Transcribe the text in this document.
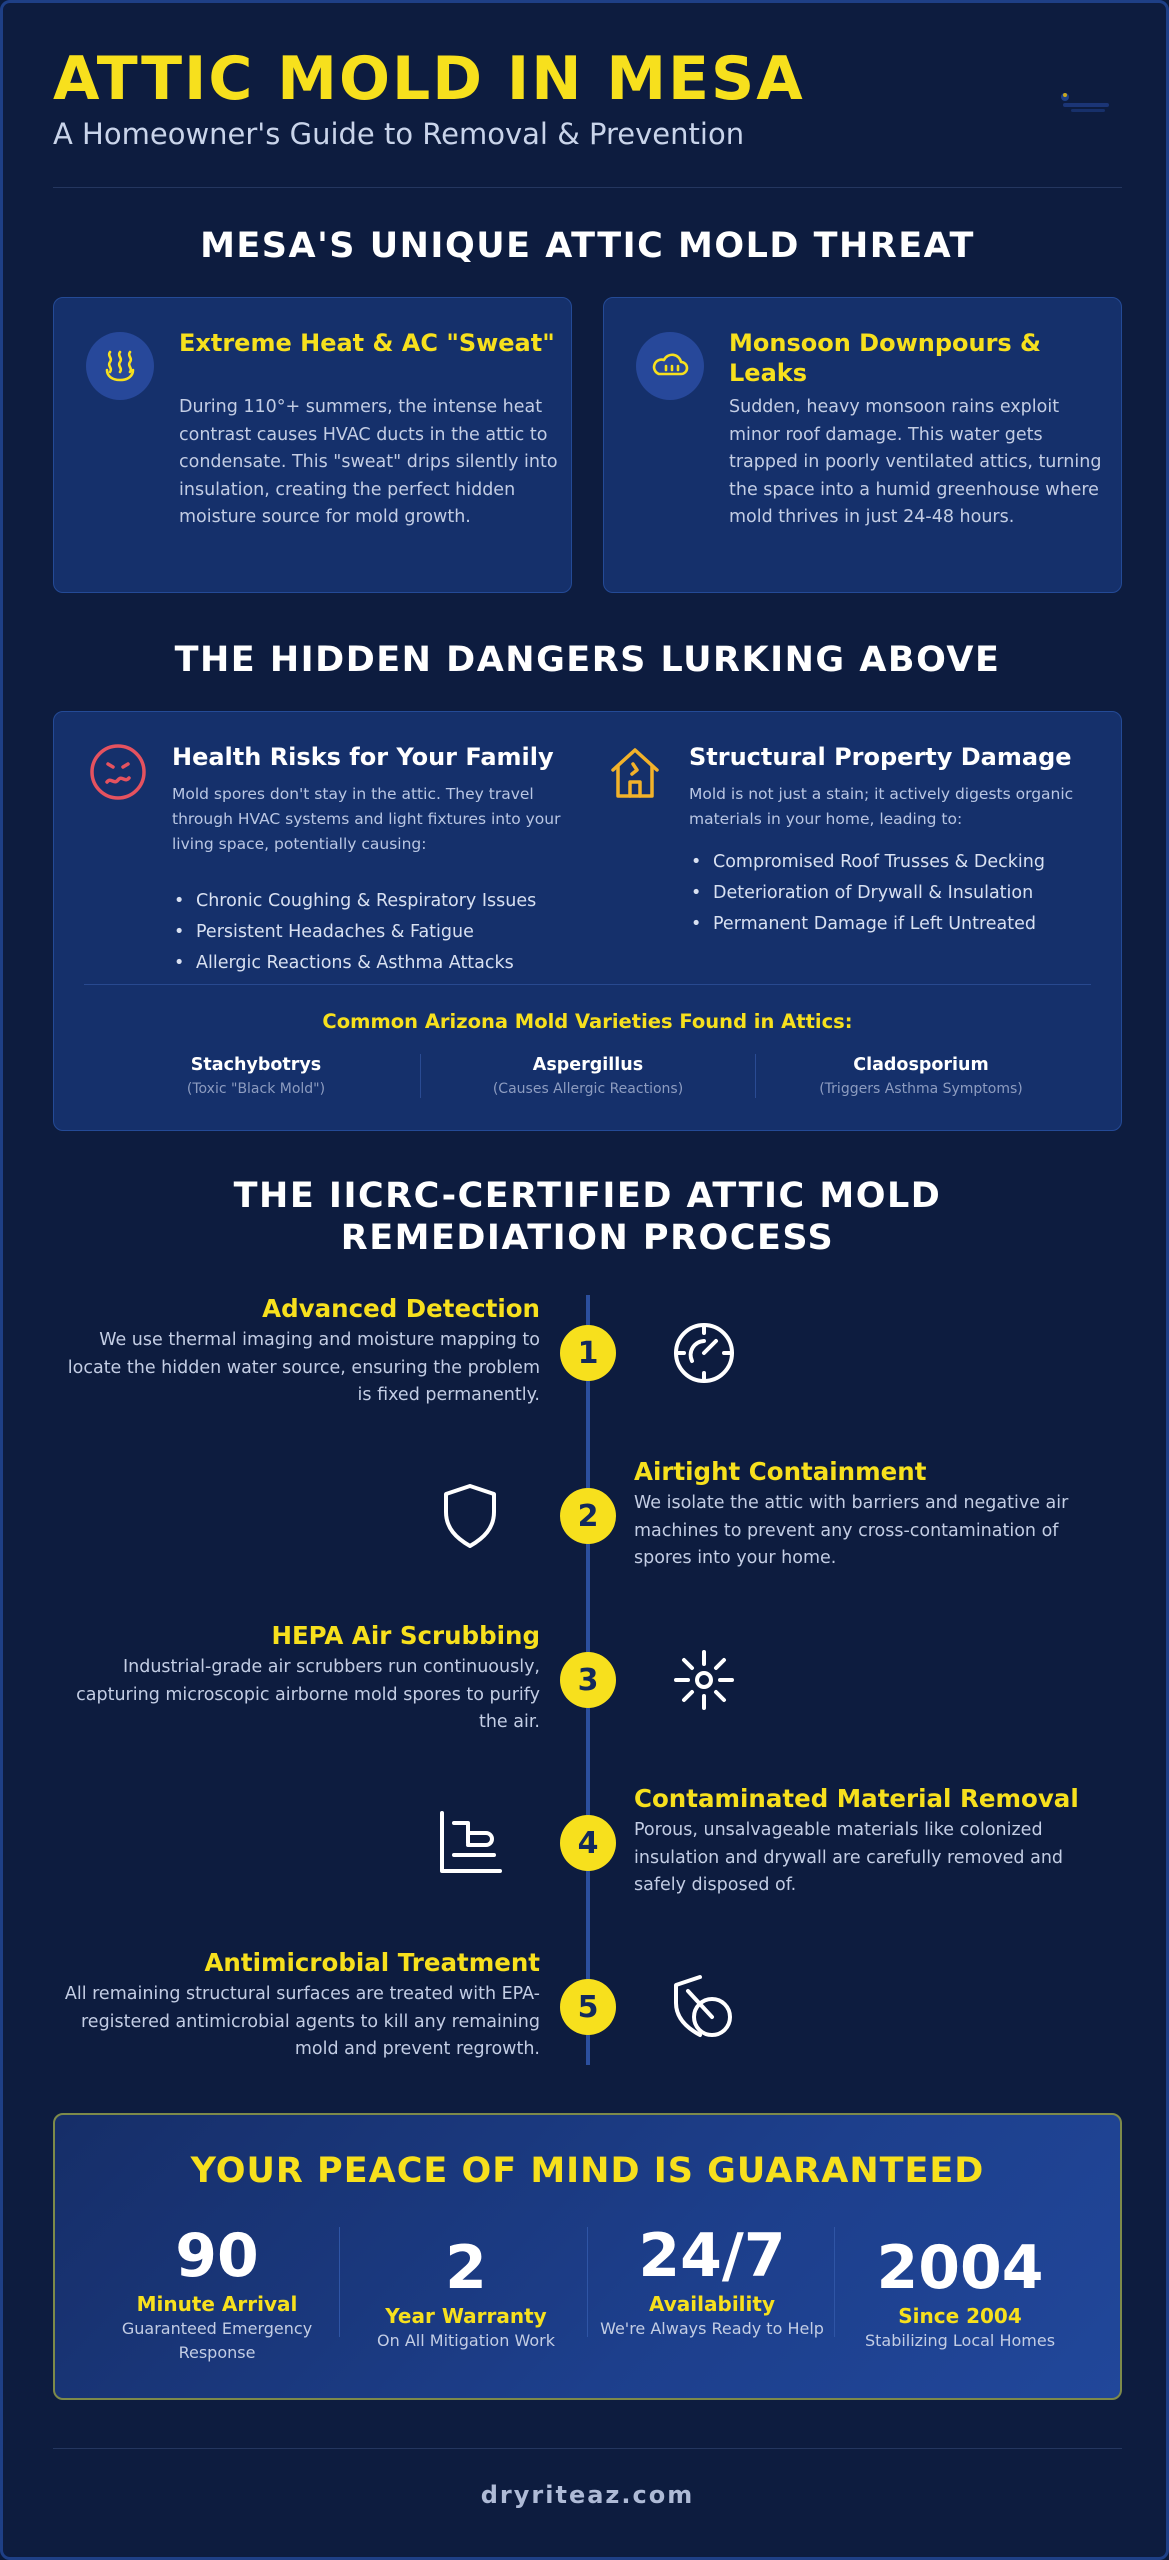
ATTIC MOLD IN MESA
A Homeowner's Guide to Removal & Prevention
MESA'S UNIQUE ATTIC MOLD THREAT
Extreme Heat & AC "Sweat"
During 110°+ summers, the intense heat contrast causes HVAC ducts in the attic to condensate. This "sweat" drips silently into insulation, creating the perfect hidden moisture source for mold growth.
Monsoon Downpours & Leaks
Sudden, heavy monsoon rains exploit minor roof damage. This water gets trapped in poorly ventilated attics, turning the space into a humid greenhouse where mold thrives in just 24-48 hours.
THE HIDDEN DANGERS LURKING ABOVE
Health Risks for Your Family
Mold spores don't stay in the attic. They travel through HVAC systems and light fixtures into your living space, potentially causing:
• Chronic Coughing & Respiratory Issues
• Persistent Headaches & Fatigue
• Allergic Reactions & Asthma Attacks
Structural Property Damage
Mold is not just a stain; it actively digests organic materials in your home, leading to:
• Compromised Roof Trusses & Decking
• Deterioration of Drywall & Insulation
• Permanent Damage if Left Untreated
Common Arizona Mold Varieties Found in Attics:
Stachybotrys
(Toxic "Black Mold")
Aspergillus
(Causes Allergic Reactions)
Cladosporium
(Triggers Asthma Symptoms)
THE IICRC-CERTIFIED ATTIC MOLD REMEDIATION PROCESS
Advanced Detection
We use thermal imaging and moisture mapping to locate the hidden water source, ensuring the problem is fixed permanently.
1
Airtight Containment
We isolate the attic with barriers and negative air machines to prevent any cross-contamination of spores into your home.
2
HEPA Air Scrubbing
Industrial-grade air scrubbers run continuously, capturing microscopic airborne mold spores to purify the air.
3
Contaminated Material Removal
Porous, unsalvageable materials like colonized insulation and drywall are carefully removed and safely disposed of.
4
Antimicrobial Treatment
All remaining structural surfaces are treated with EPA-registered antimicrobial agents to kill any remaining mold and prevent regrowth.
5
YOUR PEACE OF MIND IS GUARANTEED
90
Minute Arrival
Guaranteed Emergency Response
2
Year Warranty
On All Mitigation Work
24/7
Availability
We're Always Ready to Help
2004
Since 2004
Stabilizing Local Homes
dryriteaz.com
